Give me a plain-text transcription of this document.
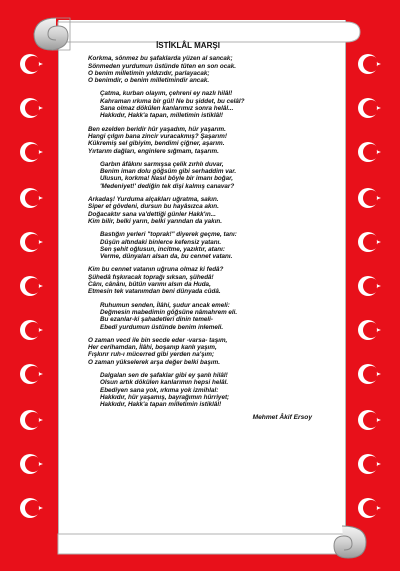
İSTİKLÂL MARŞI
Korkma, sönmez bu şafaklarda yüzen al sancak;
Sönmeden yurdumun üstünde tüten en son ocak.
O benim milletimin yıldızıdır, parlayacak;
O benimdir, o benim milletimindir ancak.
Çatma, kurban olayım, çehreni ey nazlı hilâl!
Kahraman ırkıma bir gül! Ne bu şiddet, bu celâl?
Sana olmaz dökülen kanlarımız sonra helâl...
Hakkıdır, Hakk'a tapan, milletimin istiklâl!
Ben ezelden beridir hür yaşadım, hür yaşarım.
Hangi çılgın bana zincir vuracakmış? Şaşarım!
Kükremiş sel gibiyim, bendimi çiğner, aşarım.
Yırtarım dağları, enginlere sığmam, taşarım.
Garbın âfâkını sarmışsa çelik zırhlı duvar,
Benim iman dolu göğsüm gibi serhaddim var.
Ulusun, korkma! Nasıl böyle bir imanı boğar,
'Medeniyet!' dediğin tek dişi kalmış canavar?
Arkadaş! Yurduma alçakları uğratma, sakın.
Siper et gövdeni, dursun bu hayâsızca akın.
Doğacaktır sana va'dettiği günler Hakk'ın...
Kim bilir, belki yarın, belki yarından da yakın.
Bastığın yerleri "toprak!" diyerek geçme, tanı:
Düşün altındaki binlerce kefensiz yatanı.
Sen şehit oğlusun, incitme, yazıktır, atanı:
Verme, dünyaları alsan da, bu cennet vatanı.
Kim bu cennet vatanın uğruna olmaz ki fedâ?
Şühedâ fışkıracak toprağı sıksan, şühedâ!
Cânı, cânânı, bütün varımı alsın da Huda,
Etmesin tek vatanımdan beni dünyada cüdâ.
Ruhumun senden, İlâhi, şudur ancak emeli:
Değmesin mabedimin göğsüne nâmahrem eli.
Bu ezanlar-ki şahadetleri dinin temeli-
Ebedî yurdumun üstünde benim inlemeli.
O zaman vecd ile bin secde eder -varsa- taşım,
Her cerihamdan, İlâhi, boşanıp kanlı yaşım,
Fışkırır ruh-ı mücerred gibi yerden na'şım;
O zaman yükselerek arşa değer belki başım.
Dalgalan sen de şafaklar gibi ey şanlı hilâl!
Olsun artık dökülen kanlarımın hepsi helâl.
Ebediyen sana yok, ırkıma yok izmihlal:
Hakkıdır, hür yaşamış, bayrağımın hürriyet;
Hakkıdır, Hakk'a tapan milletimin istiklâl!
Mehmet Âkif Ersoy
